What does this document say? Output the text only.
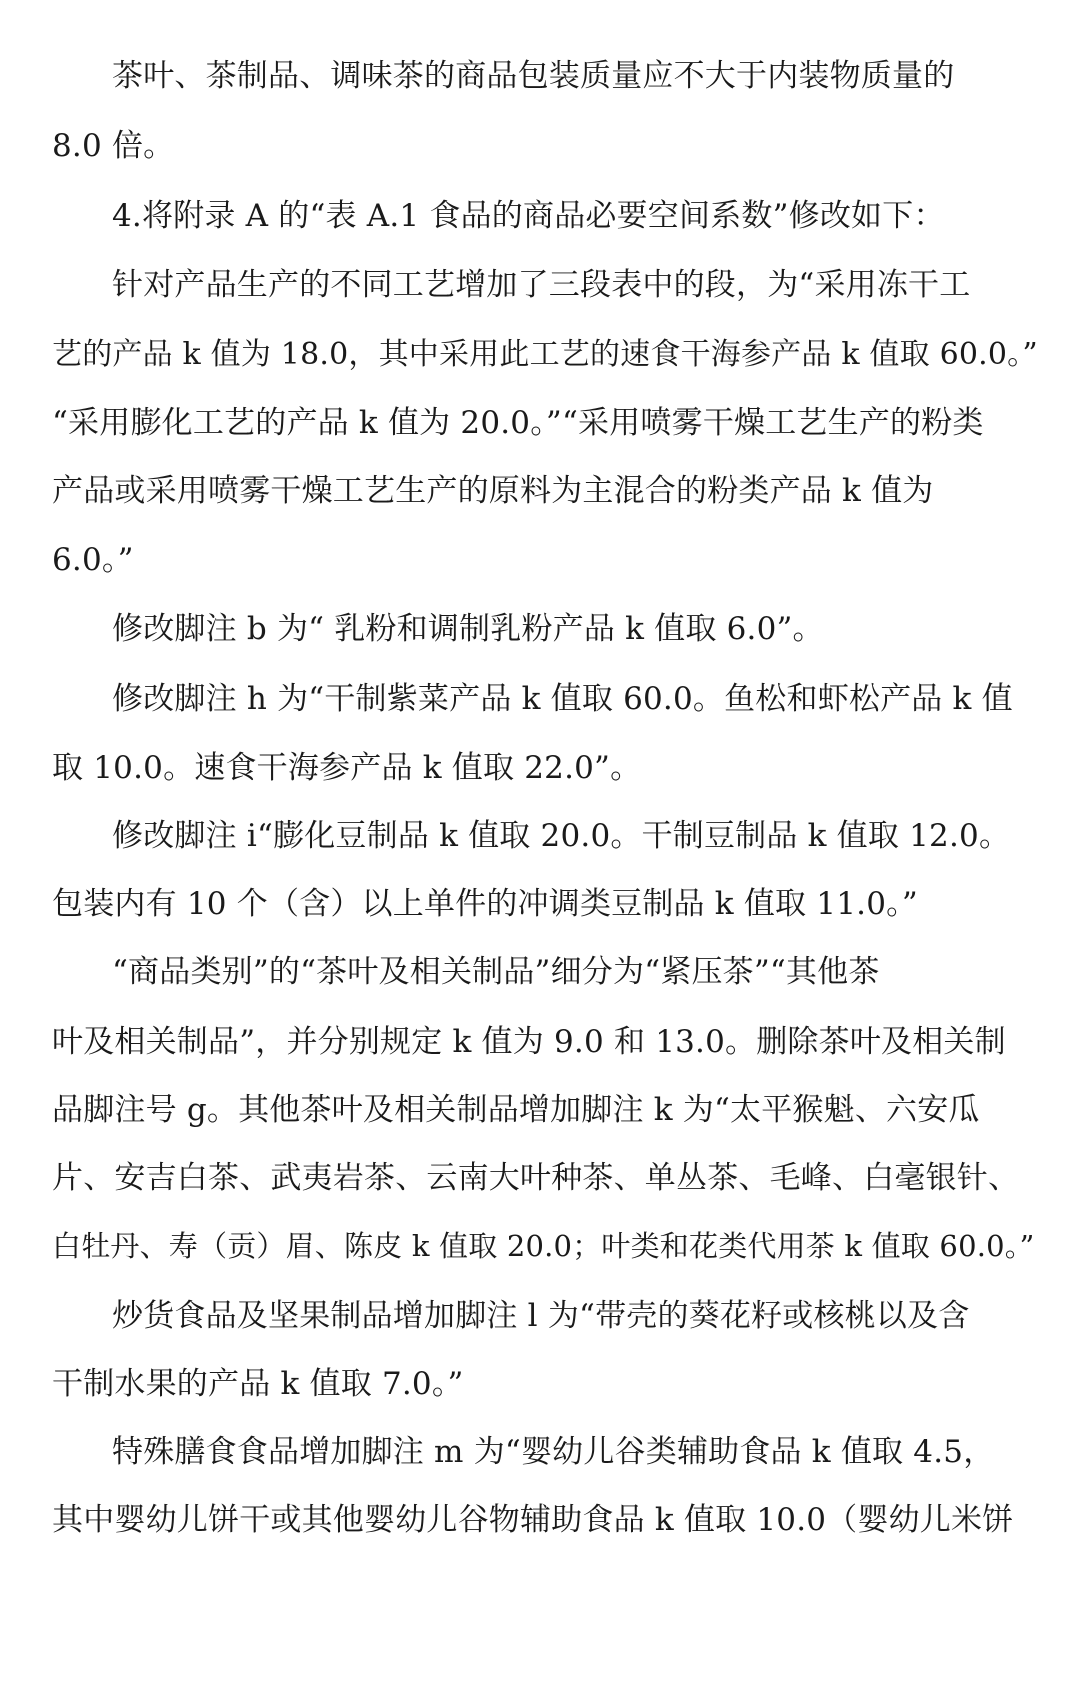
茶叶、茶制品、调味茶的商品包装质量应不大于内装物质量的
8.0 倍。
4.将附录 A 的“表 A.1 食品的商品必要空间系数”修改如下：
针对产品生产的不同工艺增加了三段表中的段，为“采用冻干工
艺的产品 k 值为 18.0，其中采用此工艺的速食干海参产品 k 值取 60.0。”
“采用膨化工艺的产品 k 值为 20.0。”“采用喷雾干燥工艺生产的粉类
产品或采用喷雾干燥工艺生产的原料为主混合的粉类产品 k 值为
6.0。”
修改脚注 b 为“ 乳粉和调制乳粉产品 k 值取 6.0”。
修改脚注 h 为“干制紫菜产品 k 值取 60.0。鱼松和虾松产品 k 值
取 10.0。速食干海参产品 k 值取 22.0”。
修改脚注 i“膨化豆制品 k 值取 20.0。干制豆制品 k 值取 12.0。
包装内有 10 个（含）以上单件的冲调类豆制品 k 值取 11.0。”
“商品类别”的“茶叶及相关制品”细分为“紧压茶”“其他茶
叶及相关制品”，并分别规定 k 值为 9.0 和 13.0。删除茶叶及相关制
品脚注号 g。其他茶叶及相关制品增加脚注 k 为“太平猴魁、六安瓜
片、安吉白茶、武夷岩茶、云南大叶种茶、单丛茶、毛峰、白毫银针、
白牡丹、寿（贡）眉、陈皮 k 值取 20.0；叶类和花类代用茶 k 值取 60.0。”
炒货食品及坚果制品增加脚注 l 为“带壳的葵花籽或核桃以及含
干制水果的产品 k 值取 7.0。”
特殊膳食食品增加脚注 m 为“婴幼儿谷类辅助食品 k 值取 4.5，
其中婴幼儿饼干或其他婴幼儿谷物辅助食品 k 值取 10.0（婴幼儿米饼
